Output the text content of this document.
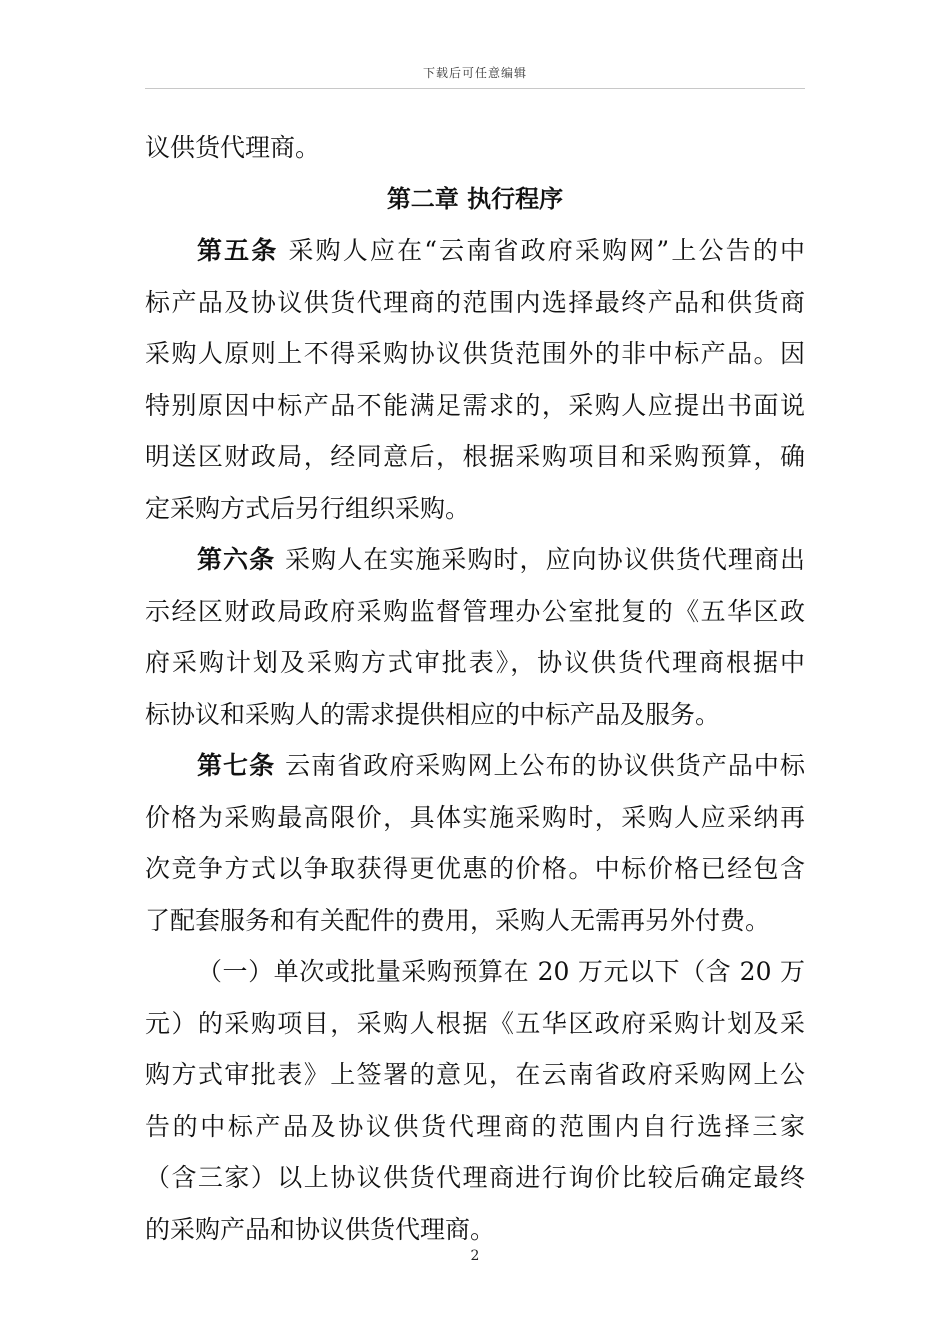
下载后可任意编辑
议供货代理商。
第二章 执行程序
第五条 采购人应在“云南省政府采购网”上公告的中
标产品及协议供货代理商的范围内选择最终产品和供货商
采购人原则上不得采购协议供货范围外的非中标产品。因
特别原因中标产品不能满足需求的，采购人应提出书面说
明送区财政局，经同意后，根据采购项目和采购预算，确
定采购方式后另行组织采购。
第六条 采购人在实施采购时，应向协议供货代理商出
示经区财政局政府采购监督管理办公室批复的《五华区政
府采购计划及采购方式审批表》，协议供货代理商根据中
标协议和采购人的需求提供相应的中标产品及服务。
第七条 云南省政府采购网上公布的协议供货产品中标
价格为采购最高限价，具体实施采购时，采购人应采纳再
次竞争方式以争取获得更优惠的价格。中标价格已经包含
了配套服务和有关配件的费用，采购人无需再另外付费。
（一）单次或批量采购预算在 20 万元以下（含 20 万
元）的采购项目，采购人根据《五华区政府采购计划及采
购方式审批表》上签署的意见，在云南省政府采购网上公
告的中标产品及协议供货代理商的范围内自行选择三家
（含三家）以上协议供货代理商进行询价比较后确定最终
的采购产品和协议供货代理商。
2
